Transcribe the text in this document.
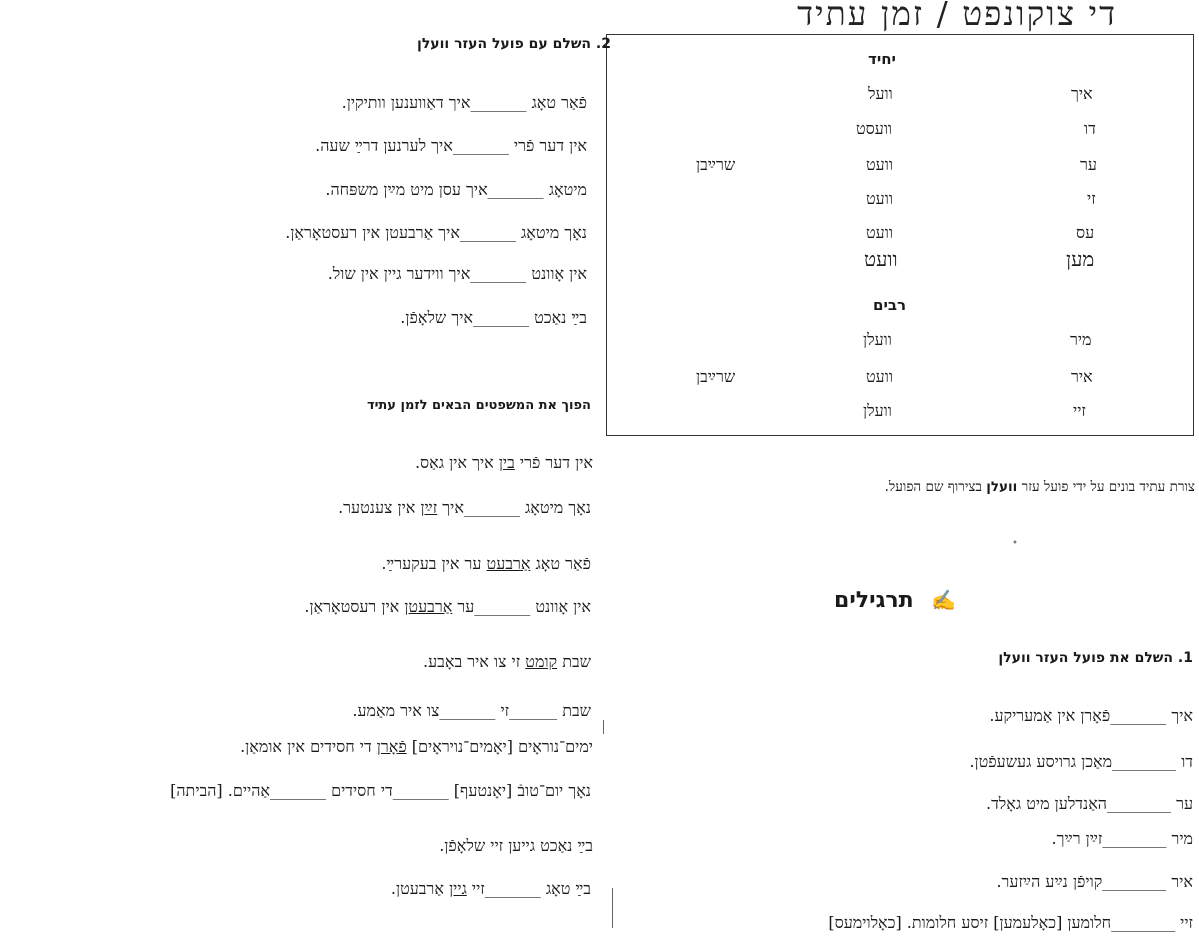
די צוקונפט / זמן עתיד
יחיד
איך
וועל
דו
וועסט
ער
וועט
שרײַבן
זי
וועט
עס
וועט
מען
וועט
רבים
מיר
וועלן
איר
וועט
שרײַבן
זיי
וועלן
צורת עתיד בונים על ידי פועל עזר וועלן בצירוף שם הפועל.
•
תרגילים ✍
1. השלם את פועל העזר וועלן
איך _______פֿאָרן אין אַמעריקע.
דו ________מאַכן גרויסע געשעפֿטן.
ער ________האַנדלען מיט גאָלד.
מיר ________זײַן רײַך.
איר ________קויפֿן נײַע הײַזער.
זיי ________חלומען [כאָלעמען] זיסע חלומות. [כאָלוימעס]
2. השלם עם פועל העזר וועלן
פֿאַר טאָג _______איך דאַווענען וותיקין.
אין דער פֿרי _______איך לערנען דרײַ שעה.
מיטאָג _______איך עסן מיט מײַן משפּחה.
נאָך מיטאָג _______איך אַרבעטן אין רעסטאָראַן.
אין אָוונט _______איך ווידער גיין אין שול.
בײַ נאַכט _______איך שלאָפֿן.
הפוך את המשפטים הבאים לזמן עתיד
אין דער פֿרי בין איך אין גאַס.
נאָך מיטאָג _______איך זײַן אין צענטער.
פֿאַר טאָג אַרבעט ער אין בעקערײַ.
אין אָוונט _______ער אַרבעטן אין רעסטאָראַן.
שבת קומט זי צו איר באָבע.
שבת ______זי _______צו איר מאַמע.
ימים־נוראָים [יאָמים־נויראָים] פֿאָרן די חסידים אין אומאַן.
נאָך יום־טובֿ [יאָנטעף] _______די חסידים _______אַהיים. [הביתה]
בײַ נאַכט גייען זיי שלאָפֿן.
בײַ טאָג _______זיי גיין אַרבעטן.
